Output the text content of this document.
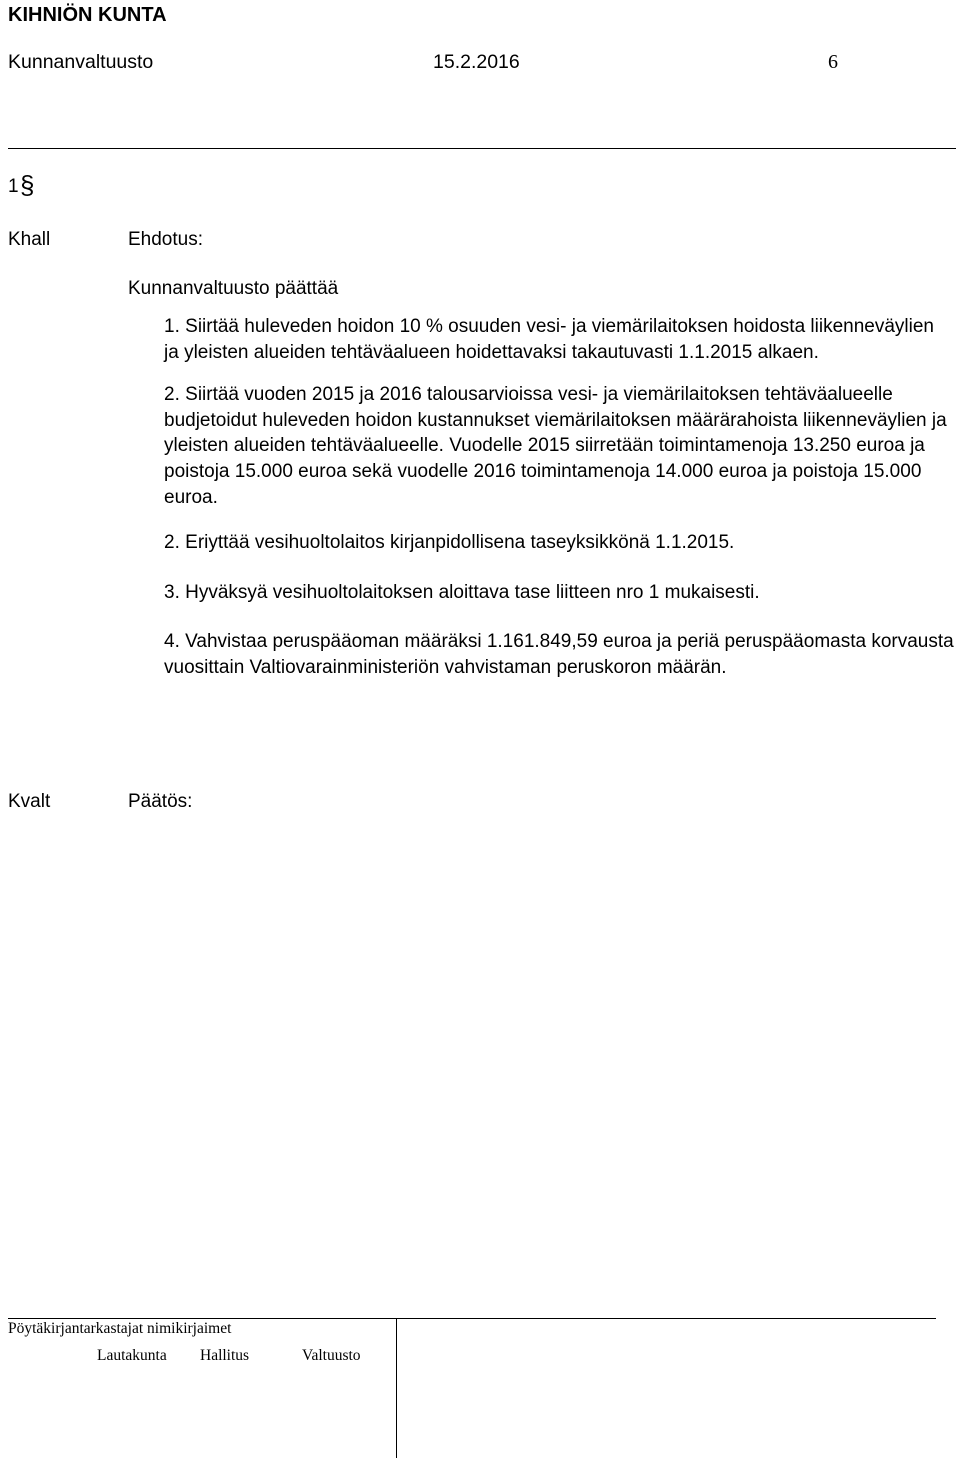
KIHNIÖN KUNTA
Kunnanvaltuusto	15.2.2016	6
1 §
Khall	Ehdotus:
Kunnanvaltuusto päättää
1. Siirtää huleveden hoidon 10 % osuuden vesi- ja viemärilaitoksen hoidosta liikenneväylien ja yleisten alueiden tehtäväalueen hoidettavaksi takautuvasti 1.1.2015 alkaen.
2. Siirtää vuoden 2015 ja 2016 talousarvioissa vesi- ja viemärilaitoksen tehtäväalueelle budjetoidut huleveden hoidon kustannukset viemärilaitoksen määrärahoista liikenneväylien ja yleisten alueiden tehtäväalueelle. Vuodelle 2015 siirretään toimintamenoja 13.250 euroa ja poistoja 15.000 euroa sekä vuodelle 2016 toimintamenoja 14.000 euroa ja poistoja 15.000 euroa.
2. Eriyttää vesihuoltolaitos kirjanpidollisena taseyksikkönä 1.1.2015.
3. Hyväksyä vesihuoltolaitoksen aloittava tase liitteen nro 1 mukaisesti.
4. Vahvistaa peruspääoman määräksi 1.161.849,59 euroa ja periä peruspääomasta korvausta vuosittain Valtiovarainministeriön vahvistaman peruskoron määrän.
Kvalt	Päätös:
Pöytäkirjantarkastajat nimikirjaimet
Lautakunta Hallitus	Valtuusto
